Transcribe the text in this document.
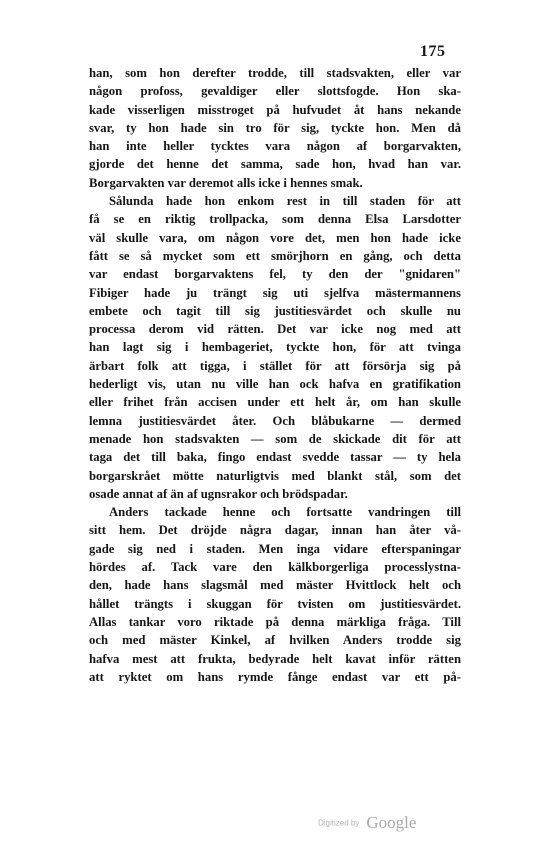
175
han, som hon derefter trodde, till stadsvakten, eller var
någon profoss, gevaldiger eller slottsfogde. Hon ska-
kade visserligen misstroget på hufvudet åt hans nekande
svar, ty hon hade sin tro för sig, tyckte hon. Men då
han inte heller tycktes vara någon af borgarvakten,
gjorde det henne det samma, sade hon, hvad han var.
Borgarvakten var deremot alls icke i hennes smak.
Sålunda hade hon enkom rest in till staden för att
få se en riktig trollpacka, som denna Elsa Larsdotter
väl skulle vara, om någon vore det, men hon hade icke
fått se så mycket som ett smörjhorn en gång, och detta
var endast borgarvaktens fel, ty den der "gnidaren"
Fibiger hade ju trängt sig uti sjelfva mästermannens
embete och tagit till sig justitiesvärdet och skulle nu
processa derom vid rätten. Det var icke nog med att
han lagt sig i hembageriet, tyckte hon, för att tvinga
ärbart folk att tigga, i stället för att försörja sig på
hederligt vis, utan nu ville han ock hafva en gratifikation
eller frihet från accisen under ett helt år, om han skulle
lemna justitiesvärdet åter. Och blåbukarne — dermed
menade hon stadsvakten — som de skickade dit för att
taga det till baka, fingo endast svedde tassar — ty hela
borgarskrået mötte naturligtvis med blankt stål, som det
osade annat af än af ugnsrakor och brödspadar.
Anders tackade henne och fortsatte vandringen till
sitt hem. Det dröjde några dagar, innan han åter vå-
gade sig ned i staden. Men inga vidare efterspaningar
hördes af. Tack vare den kälkborgerliga processlystna-
den, hade hans slagsmål med mäster Hvittlock helt och
hållet trängts i skuggan för tvisten om justitiesvärdet.
Allas tankar voro riktade på denna märkliga fråga. Till
och med mäster Kinkel, af hvilken Anders trodde sig
hafva mest att frukta, bedyrade helt kavat inför rätten
att ryktet om hans rymde fånge endast var ett på-
Digitized by Google
